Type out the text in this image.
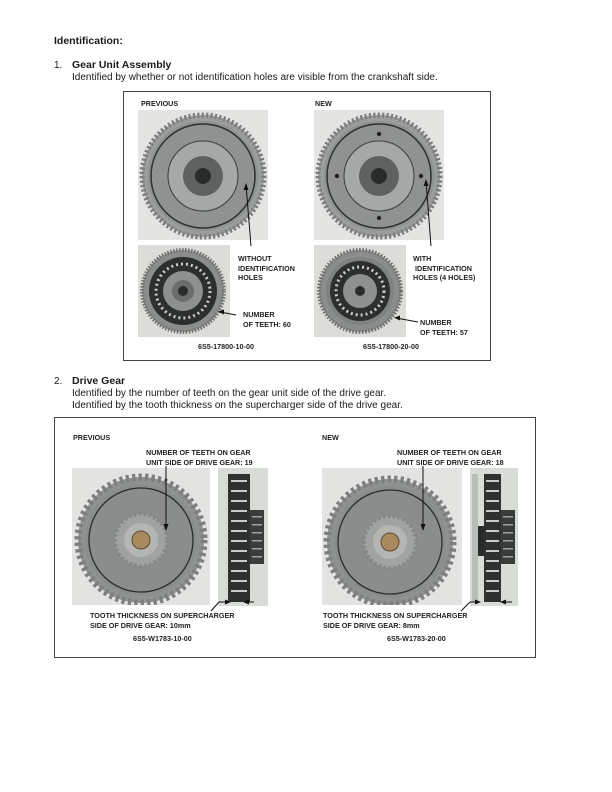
Identification:
1. Gear Unit Assembly
Identified by whether or not identification holes are visible from the crankshaft side.
PREVIOUS	NEW
WITHOUT
IDENTIFICATION
HOLES
WITH
IDENTIFICATION
HOLES (4 HOLES)
NUMBER
OF TEETH: 60	NUMBER
OF TEETH: 57
6S5-17800-10-00	6S5-17800-20-00
2. Drive Gear
Identified by the number of teeth on the gear unit side of the drive gear.
Identified by the tooth thickness on the supercharger side of the drive gear.
PREVIOUS	NEW
NUMBER OF TEETH ON GEAR
UNIT SIDE OF DRIVE GEAR: 19
NUMBER OF TEETH ON GEAR
UNIT SIDE OF DRIVE GEAR: 18
TOOTH THICKNESS ON SUPERCHARGER
SIDE OF DRIVE GEAR: 10mm
TOOTH THICKNESS ON SUPERCHARGER
SIDE OF DRIVE GEAR: 8mm
6S5-W1783-10-00	6S5-W1783-20-00
